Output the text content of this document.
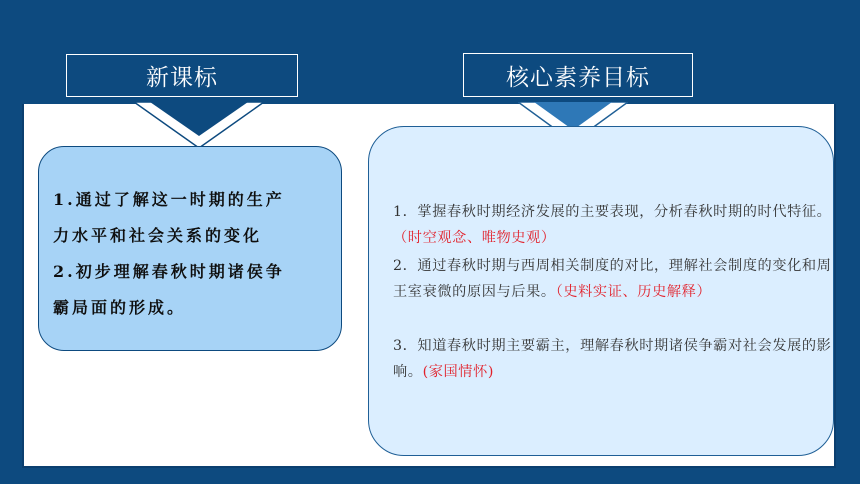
新课标	核心素养目标
1.通过了解这一时期的生产
力水平和社会关系的变化
2.初步理解春秋时期诸侯争
霸局面的形成。
1．掌握春秋时期经济发展的主要表现，分析春秋时期的时代特征。（时空观念、唯物史观）
2．通过春秋时期与西周相关制度的对比，理解社会制度的变化和周王室衰微的原因与后果。（史料实证、历史解释）
3．知道春秋时期主要霸主，理解春秋时期诸侯争霸对社会发展的影响。(家国情怀)
